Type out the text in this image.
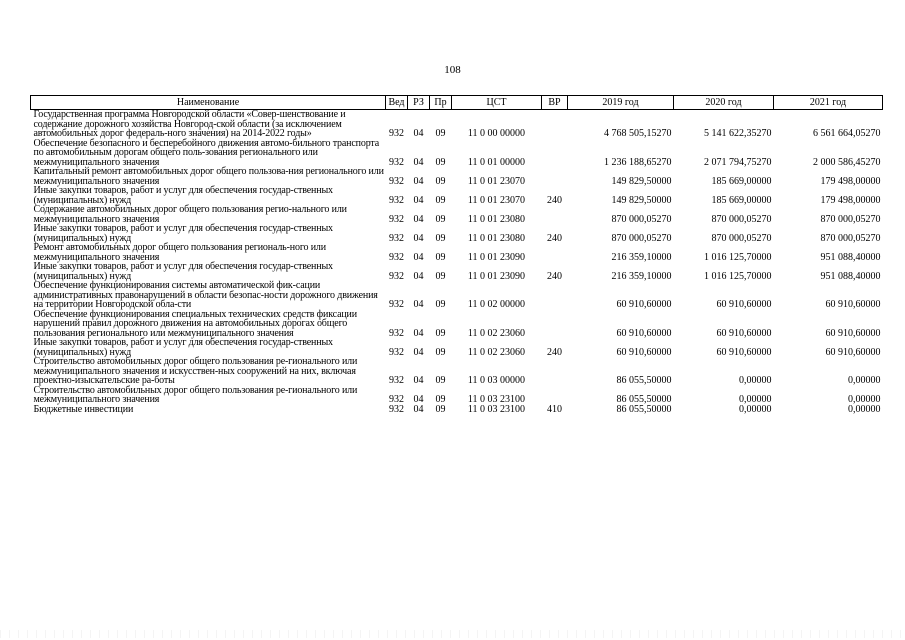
108
Наименование	Вед	РЗ	Пр	ЦСТ	ВР	2019 год	2020 год	2021 год
Государственная программа Новгородской области «Совер-шенствование и содержание дорожного хозяйства Новгород-ской области (за исключением автомобильных дорог федераль-ного значения) на 2014-2022 годы»	932	04	09	11 0 00 00000		4 768 505,15270	5 141 622,35270	6 561 664,05270
Обеспечение безопасного и бесперебойного движения автомо-бильного транспорта по автомобильным дорогам общего поль-зования регионального или межмуниципального значения	932	04	09	11 0 01 00000		1 236 188,65270	2 071 794,75270	2 000 586,45270
Капитальный ремонт автомобильных дорог общего пользова-ния регионального или межмуниципального значения	932	04	09	11 0 01 23070		149 829,50000	185 669,00000	179 498,00000
Иные закупки товаров, работ и услуг для обеспечения государ-ственных (муниципальных) нужд	932	04	09	11 0 01 23070	240	149 829,50000	185 669,00000	179 498,00000
Содержание автомобильных дорог общего пользования регио-нального или межмуниципального значения	932	04	09	11 0 01 23080		870 000,05270	870 000,05270	870 000,05270
Иные закупки товаров, работ и услуг для обеспечения государ-ственных (муниципальных) нужд	932	04	09	11 0 01 23080	240	870 000,05270	870 000,05270	870 000,05270
Ремонт автомобильных дорог общего пользования региональ-ного или межмуниципального значения	932	04	09	11 0 01 23090		216 359,10000	1 016 125,70000	951 088,40000
Иные закупки товаров, работ и услуг для обеспечения государ-ственных (муниципальных) нужд	932	04	09	11 0 01 23090	240	216 359,10000	1 016 125,70000	951 088,40000
Обеспечение функционирования системы автоматической фик-сации административных правонарушений в области безопас-ности дорожного движения на территории Новгородской обла-сти	932	04	09	11 0 02 00000		60 910,60000	60 910,60000	60 910,60000
Обеспечение функционирования специальных технических средств фиксации нарушений правил дорожного движения на автомобильных дорогах общего пользования регионального или межмуниципального значения	932	04	09	11 0 02 23060		60 910,60000	60 910,60000	60 910,60000
Иные закупки товаров, работ и услуг для обеспечения государ-ственных (муниципальных) нужд	932	04	09	11 0 02 23060	240	60 910,60000	60 910,60000	60 910,60000
Строительство автомобильных дорог общего пользования ре-гионального или межмуниципального значения и искусствен-ных сооружений на них, включая проектно-изыскательские ра-боты	932	04	09	11 0 03 00000		86 055,50000	0,00000	0,00000
Строительство автомобильных дорог общего пользования ре-гионального или межмуниципального значения	932	04	09	11 0 03 23100		86 055,50000	0,00000	0,00000
Бюджетные инвестиции	932	04	09	11 0 03 23100	410	86 055,50000	0,00000	0,00000
